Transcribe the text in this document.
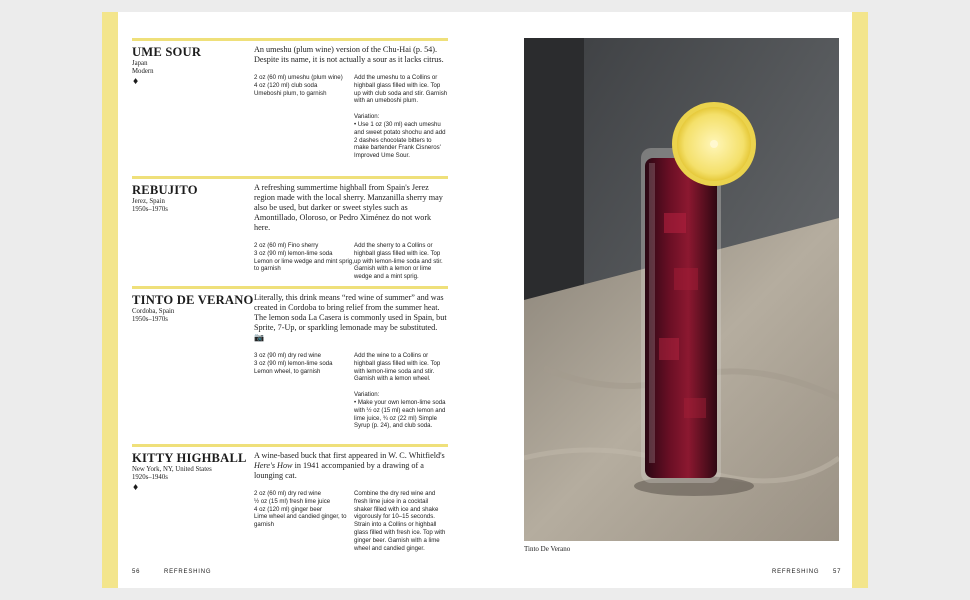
UME SOUR
Japan
Modern
♦
An umeshu (plum wine) version of the Chu-Hai (p. 54). Despite its name, it is not actually a sour as it lacks citrus.
2 oz (60 ml) umeshu (plum wine)
4 oz (120 ml) club soda
Umeboshi plum, to garnish

Add the umeshu to a Collins or highball glass filled with ice. Top up with club soda and stir. Garnish with an umeboshi plum.

Variation:

• Use 1 oz (30 ml) each umeshu and sweet potato shochu and add 2 dashes chocolate bitters to make bartender Frank Cisneros' Improved Ume Sour.

REBUJITO
Jerez, Spain
1950s–1970s
A refreshing summertime highball from Spain's Jerez region made with the local sherry. Manzanilla sherry may also be used, but darker or sweet styles such as Amontillado, Oloroso, or Pedro Ximénez do not work here.
2 oz (60 ml) Fino sherry
3 oz (90 ml) lemon-lime soda
Lemon or lime wedge and mint sprig, to garnish

Add the sherry to a Collins or highball glass filled with ice. Top up with lemon-lime soda and stir. Garnish with a lemon or lime wedge and a mint sprig.

TINTO DE VERANO
Cordoba, Spain
1950s–1970s
Literally, this drink means “red wine of summer” and was created in Cordoba to bring relief from the summer heat. The lemon soda La Casera is commonly used in Spain, but Sprite, 7-Up, or sparkling lemonade may be substituted. 📷
3 oz (90 ml) dry red wine
3 oz (90 ml) lemon-lime soda
Lemon wheel, to garnish

Add the wine to a Collins or highball glass filled with ice. Top with lemon-lime soda and stir. Garnish with a lemon wheel.

Variation:

• Make your own lemon-lime soda with ½ oz (15 ml) each lemon and lime juice, ¾ oz (22 ml) Simple Syrup (p. 24), and club soda.

KITTY HIGHBALL
New York, NY, United States
1920s–1940s
♦
A wine-based buck that first appeared in W. C. Whitfield's Here's How in 1941 accompanied by a drawing of a lounging cat.
2 oz (60 ml) dry red wine
½ oz (15 ml) fresh lime juice
4 oz (120 ml) ginger beer
Lime wheel and candied ginger, to garnish

Combine the dry red wine and fresh lime juice in a cocktail shaker filled with ice and shake vigorously for 10–15 seconds. Strain into a Collins or highball glass filled with fresh ice. Top with ginger beer. Garnish with a lime wheel and candied ginger.	Tinto De Verano
56	REFRESHING	REFRESHING 57
